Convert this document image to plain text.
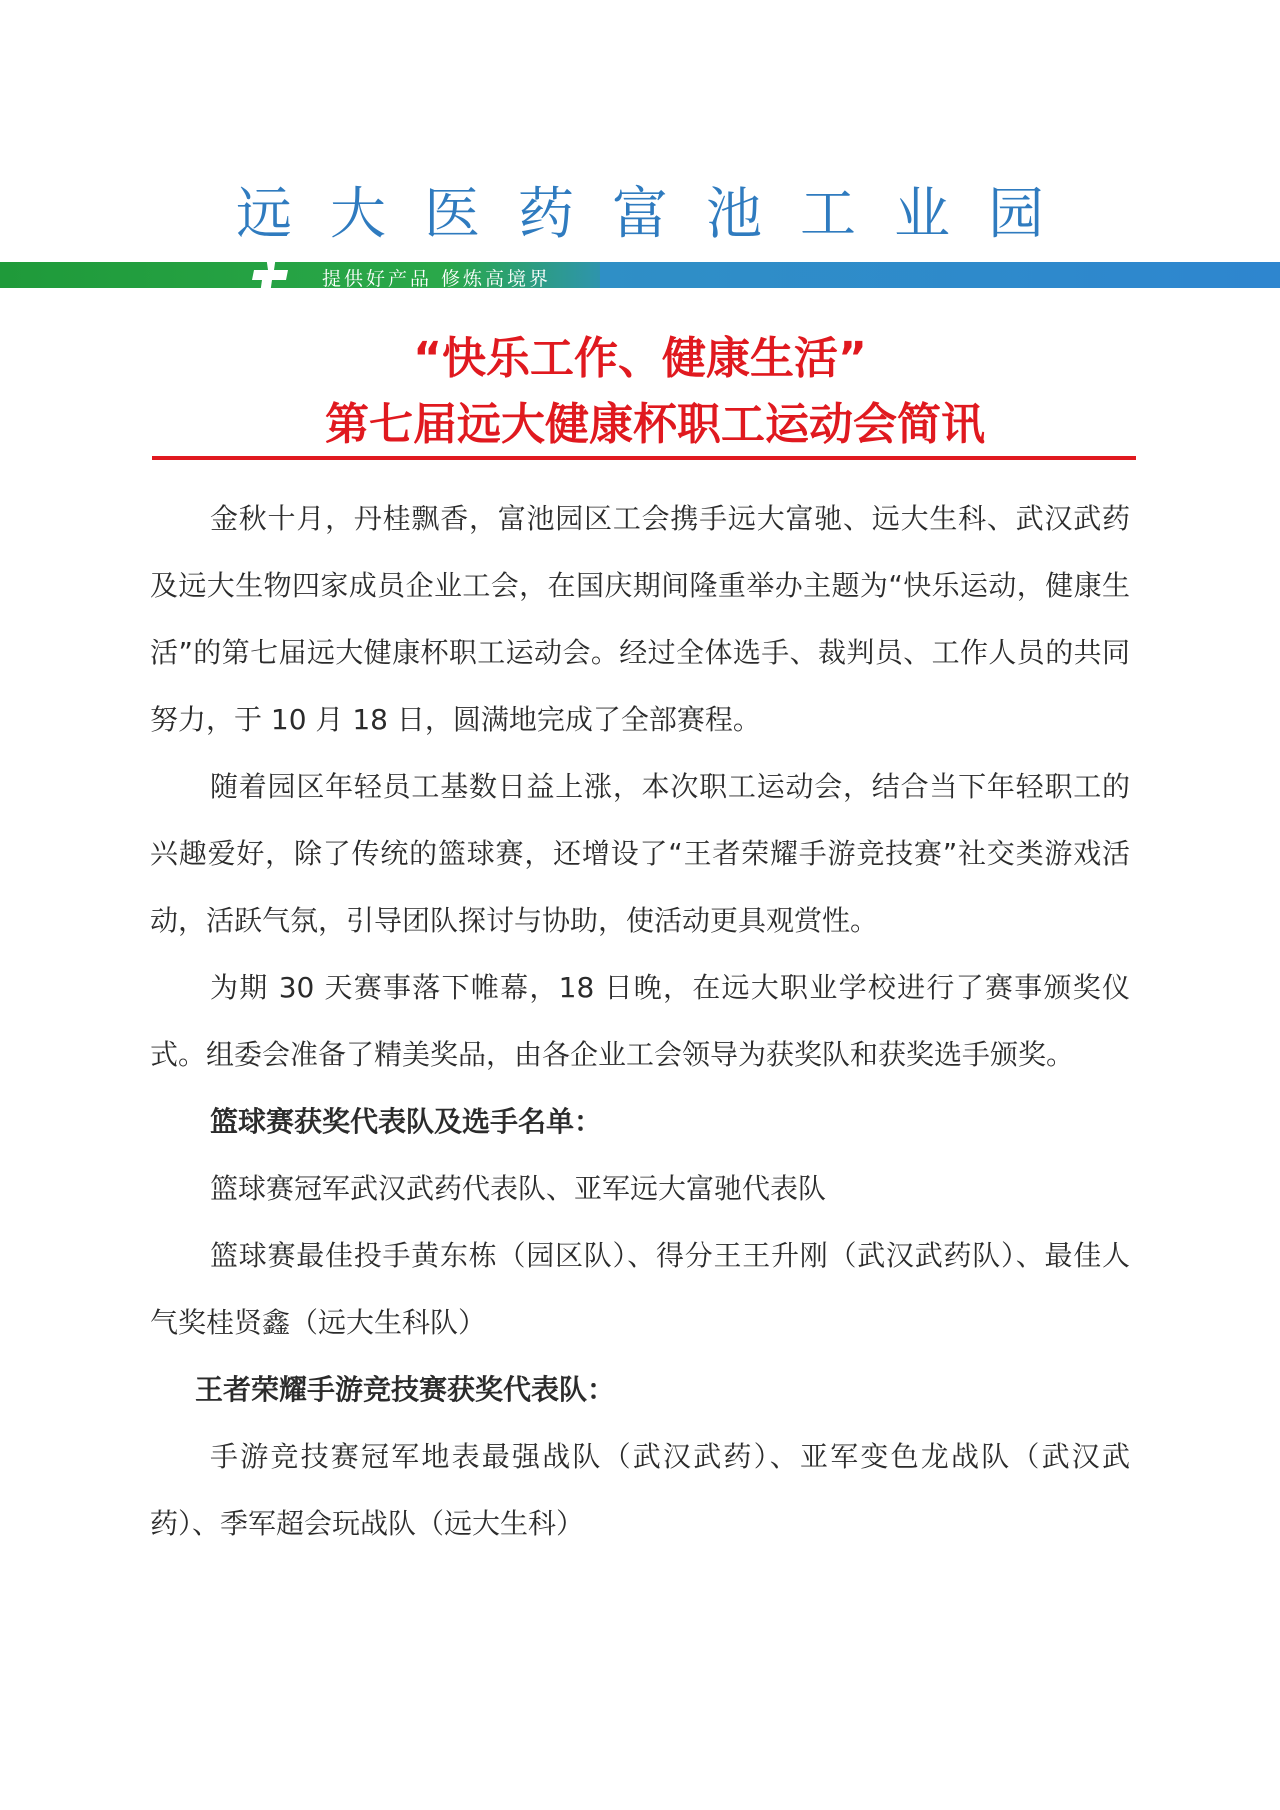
远大医药富池工业园
提供好产品 修炼高境界
“快乐工作、健康生活”
第七届远大健康杯职工运动会简讯

金秋十月，丹桂飘香，富池园区工会携手远大富驰、远大生科、武汉武药及远大生物四家成员企业工会，在国庆期间隆重举办主题为“快乐运动，健康生活”的第七届远大健康杯职工运动会。经过全体选手、裁判员、工作人员的共同努力，于 10 月 18 日，圆满地完成了全部赛程。

随着园区年轻员工基数日益上涨，本次职工运动会，结合当下年轻职工的兴趣爱好，除了传统的篮球赛，还增设了“王者荣耀手游竞技赛”社交类游戏活动，活跃气氛，引导团队探讨与协助，使活动更具观赏性。

为期 30 天赛事落下帷幕，18 日晚，在远大职业学校进行了赛事颁奖仪式。组委会准备了精美奖品，由各企业工会领导为获奖队和获奖选手颁奖。

篮球赛获奖代表队及选手名单：

篮球赛冠军武汉武药代表队、亚军远大富驰代表队

篮球赛最佳投手黄东栋（园区队）、得分王王升刚（武汉武药队）、最佳人气奖桂贤鑫（远大生科队）

王者荣耀手游竞技赛获奖代表队：

手游竞技赛冠军地表最强战队（武汉武药）、亚军变色龙战队（武汉武药）、季军超会玩战队（远大生科）
